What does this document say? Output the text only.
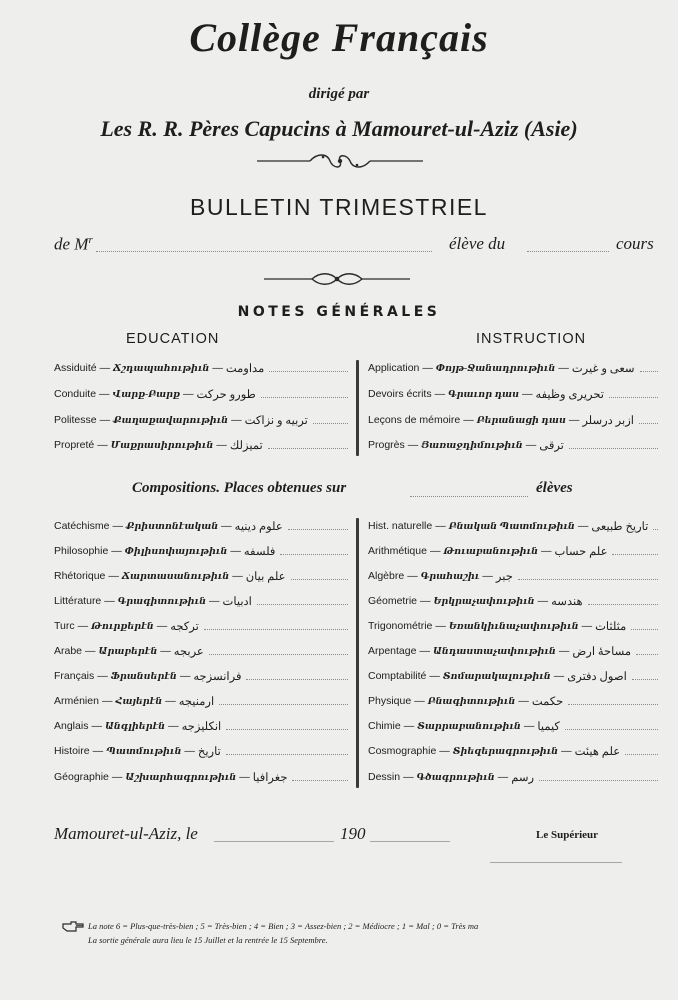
Collège Français
dirigé par
Les R. R. Pères Capucins à Mamouret-ul-Aziz (Asie)
BULLETIN TRIMESTRIEL
de $M^r$	élève du	cours
NOTES GÉNÉRALES
EDUCATION	INSTRUCTION
Assiduité — Ճշդապահութիւն — مداومت
Conduite — Վարք-Բարք — طورو حرکت
Politesse — Քաղաքավարութիւն — تربیه و نزاکت
Propreté — Մաքրասիրութիւն — تمیزلك
Application — Փոյթ-Ջանադրութիւն — سعی و غیرت
Devoirs écrits — Գրաւոր դաս — تحریری وظیفه
Leçons de mémoire — Բերանացի դաս — ازبر درسلر
Progrès — Յառաջդիմութիւն — ترقی
Compositions. Places obtenues sur	élèves
Catéchisme — Քրիստոնէական — علوم دینیه
Philosophie — Փիլիսոփայութիւն — فلسفه
Rhétorique — Ճարտասանութիւն — علم بیان
Littérature — Գրագիտութիւն — ادبیات
Turc — Թուրքերէն — ترکجه
Arabe — Արաբերէն — عربجه
Français — Ֆրանսերէն — فرانسزجه
Arménien — Հայերէն — ارمنیجه
Anglais — Անգլիերէն — انکلیزجه
Histoire — Պատմութիւն — تاریخ
Géographie — Աշխարհագրութիւն — جغرافیا
Hist. naturelle — Բնական Պատմութիւն — تاریخ طبیعی
Arithmétique — Թուաբանութիւն — علم حساب
Algèbre — Գրահաշիւ — جبر
Géometrie — Երկրաչափութիւն — هندسه
Trigonométrie — Եռանկիւնաչափութիւն — مثلثات
Arpentage — Անդաստաչափութիւն — مساحهٔ ارض
Comptabilité — Տոմարակալութիւն — اصول دفتری
Physique — Բնագիտութիւն — حکمت
Chimie — Տարրաբանութիւն — کیمیا
Cosmographie — Տիեզերագրութիւն — علم هیئت
Dessin — Գծագրութիւն — رسم
Mamouret-ul-Aziz, le	190	Le Supérieur
La note 6 = Plus-que-très-bien ; 5 = Très-bien ; 4 = Bien ; 3 = Assez-bien ; 2 = Médiocre ; 1 = Mal ; 0 = Très ma
La sortie générale aura lieu le 15 Juillet et la rentrée le 15 Septembre.
